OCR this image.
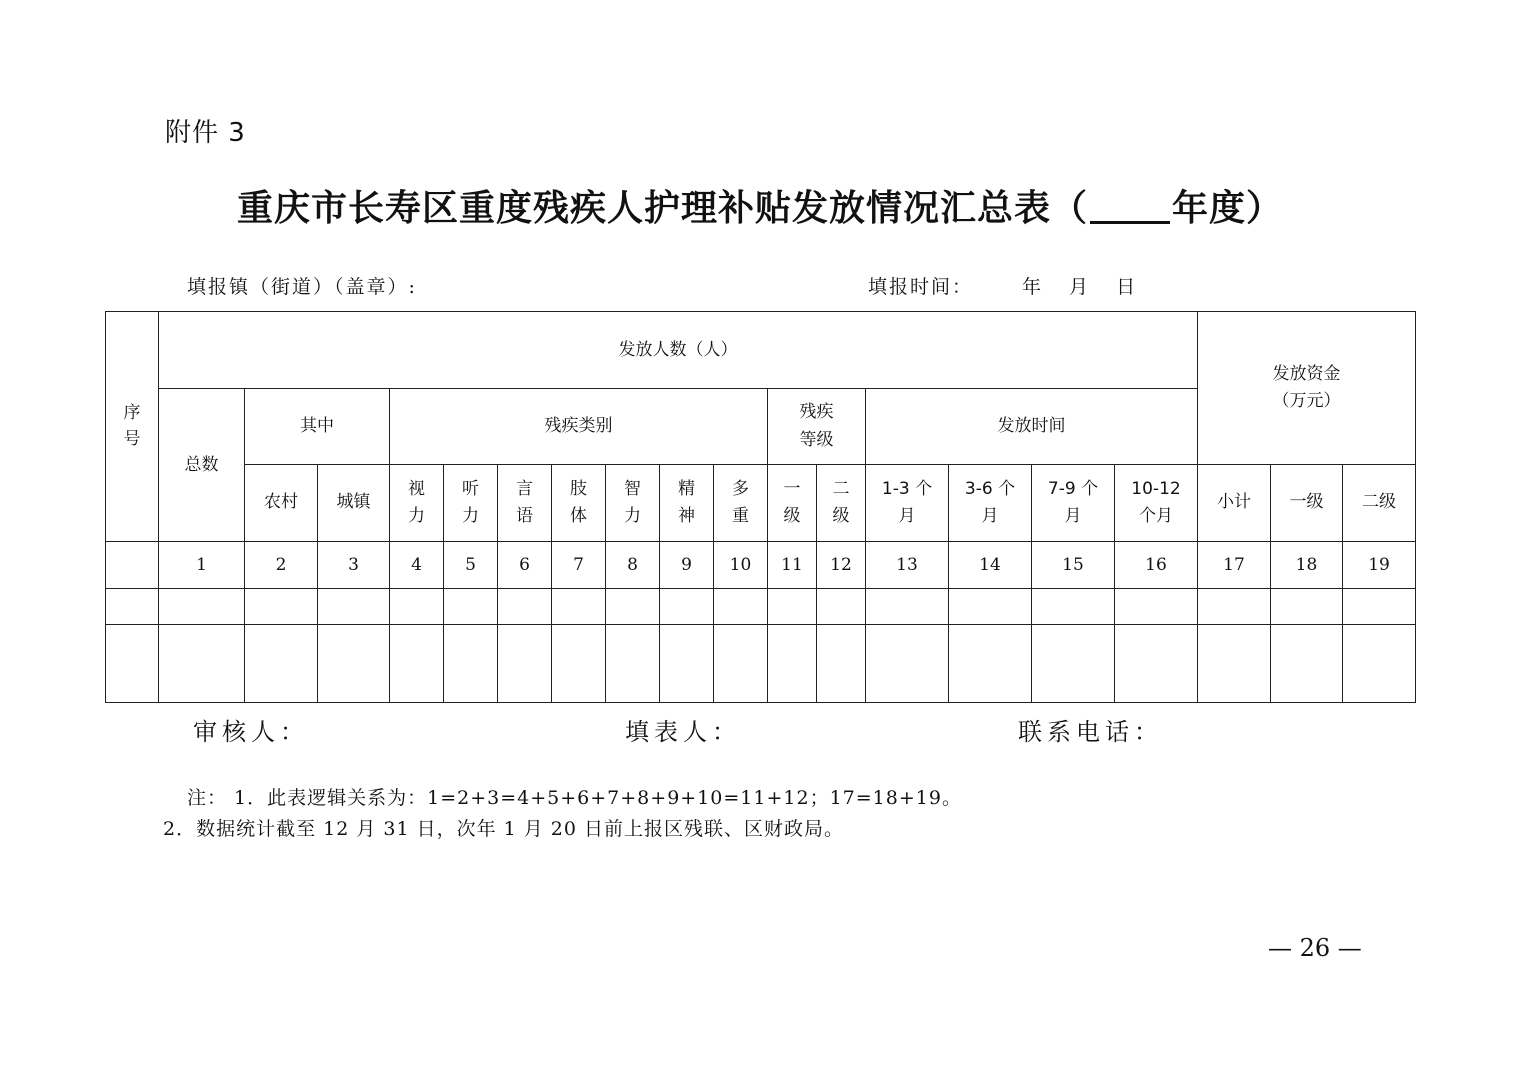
附件 3
重庆市长寿区重度残疾人护理补贴发放情况汇总表（ 年度）
填报镇（街道）（盖章）:	填报时间：	年 月 日
序号	发放人数（人）																发放资金（万元）		
	总数	其中		残疾类别							残疾等级		发放时间						
		农村	城镇	视力	听力	言语	肢体	智力	精神	多重	一级	二级	1-3 个月	3-6 个月	7-9 个月	10-12 个月	小计	一级	二级
	1	2	3	4	5	6	7	8	9	10	11	12	13	14	15	16	17	18	19

审核人：	填表人：	联系电话：
注： 1．此表逻辑关系为：1=2+3=4+5+6+7+8+9+10=11+12；17=18+19。
2．数据统计截至 12 月 31 日，次年 1 月 20 日前上报区残联、区财政局。
— 26 —
